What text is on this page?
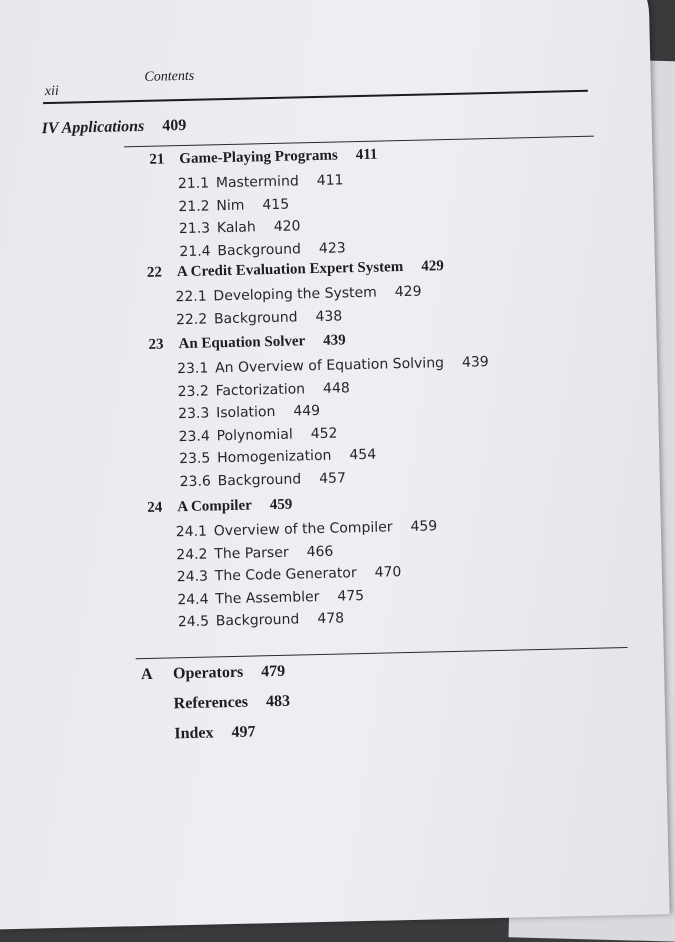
xii
Contents
IV Applications 409
21 Game-Playing Programs 411
21.1 Mastermind 411
21.2 Nim 415
21.3 Kalah 420
21.4 Background 423
22 A Credit Evaluation Expert System 429
22.1 Developing the System 429
22.2 Background 438
23 An Equation Solver 439
23.1 An Overview of Equation Solving 439
23.2 Factorization 448
23.3 Isolation 449
23.4 Polynomial 452
23.5 Homogenization 454
23.6 Background 457
24 A Compiler 459
24.1 Overview of the Compiler 459
24.2 The Parser 466
24.3 The Code Generator 470
24.4 The Assembler 475
24.5 Background 478
A Operators 479
References 483
Index 497
